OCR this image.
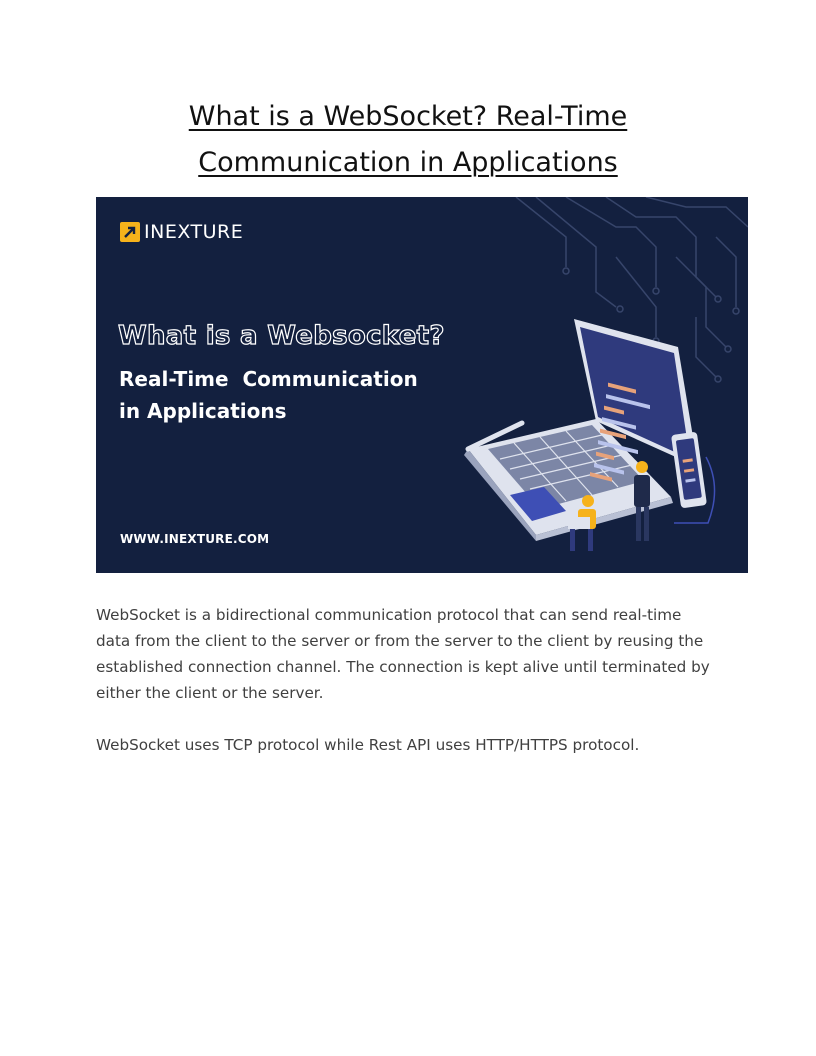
What is a WebSocket? Real-Time
Communication in Applications
INEXTURE
What is a Websocket?
Real-Time  Communication
in Applications
WWW.INEXTURE.COM

WebSocket is a bidirectional communication protocol that can send real-time data from the client to the server or from the server to the client by reusing the established connection channel. The connection is kept alive until terminated by either the client or the server.

WebSocket uses TCP protocol while Rest API uses HTTP/HTTPS protocol.
